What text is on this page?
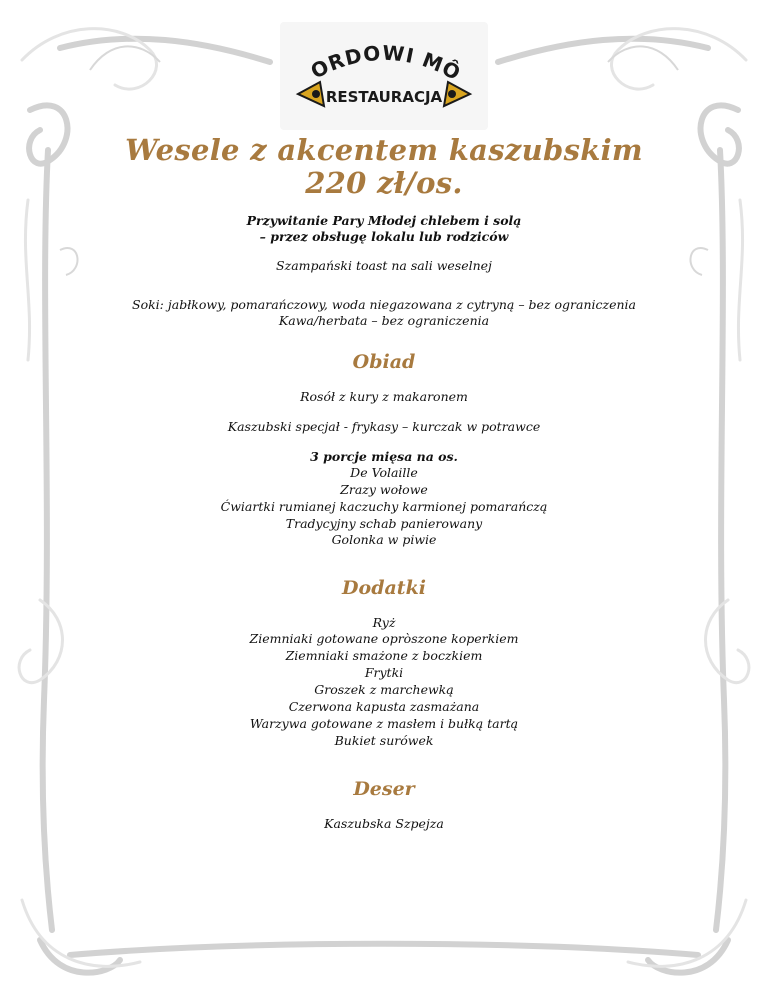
ORDOWI MÔ
RESTAURACJA
Wesele z akcentem kaszubskim
220 zł/os.
Przywitanie Pary Młodej chlebem i solą
– przez obsługę lokalu lub rodziców
Szampański toast na sali weselnej
Soki: jabłkowy, pomarańczowy, woda niegazowana z cytryną – bez ograniczenia
Kawa/herbata – bez ograniczenia
Obiad
Rosół z kury z makaronem
Kaszubski specjał - frykasy – kurczak w potrawce
3 porcje mięsa na os.
De Volaille
Zrazy wołowe
Ćwiartki rumianej kaczuchy karmionej pomarańczą
Tradycyjny schab panierowany
Golonka w piwie
Dodatki
Ryż
Ziemniaki gotowane opròszone koperkiem
Ziemniaki smażone z boczkiem
Frytki
Groszek z marchewką
Czerwona kapusta zasmażana
Warzywa gotowane z masłem i bułką tartą
Bukiet surówek
Deser
Kaszubska Szpejza
